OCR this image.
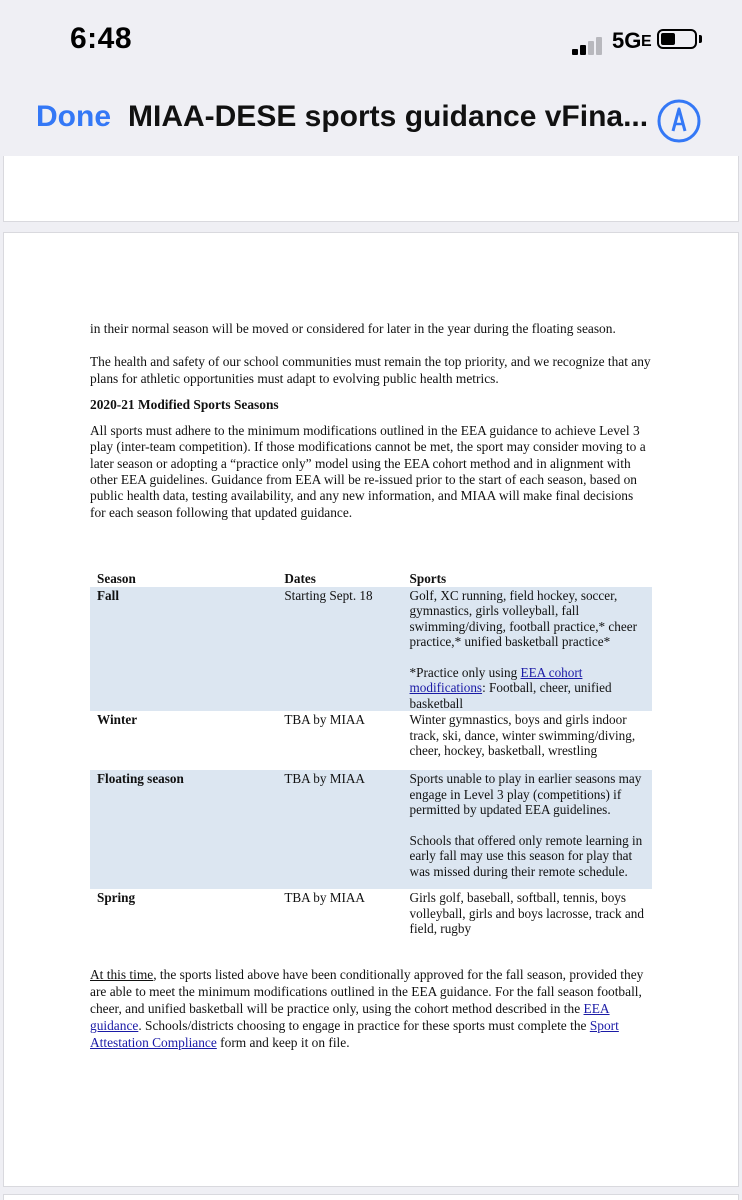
6:48	5G E
Done MIAA-DESE sports guidance vFina...

in their normal season will be moved or considered for later in the year during the floating season.

The health and safety of our school communities must remain the top priority, and we recognize that any plans for athletic opportunities must adapt to evolving public health metrics.

2020-21 Modified Sports Seasons

All sports must adhere to the minimum modifications outlined in the EEA guidance to achieve Level 3 play (inter-team competition). If those modifications cannot be met, the sport may consider moving to a later season or adopting a “practice only” model using the EEA cohort method and in alignment with other EEA guidelines. Guidance from EEA will be re-issued prior to the start of each season, based on public health data, testing availability, and any new information, and MIAA will make final decisions for each season following that updated guidance.

Season	Dates	Sports
Fall	Starting Sept. 18	Golf, XC running, field hockey, soccer, gymnastics, girls volleyball, fall swimming/diving, football practice,* cheer practice,* unified basketball practice*
*Practice only using EEA cohort modifications: Football, cheer, unified basketball

Winter	TBA by MIAA	Winter gymnastics, boys and girls indoor track, ski, dance, winter swimming/diving, cheer, hockey, basketball, wrestling
Floating season	TBA by MIAA	Sports unable to play in earlier seasons may engage in Level 3 play (competitions) if permitted by updated EEA guidelines.
Schools that offered only remote learning in early fall may use this season for play that was missed during their remote schedule.

Spring	TBA by MIAA	Girls golf, baseball, softball, tennis, boys volleyball, girls and boys lacrosse, track and field, rugby

At this time, the sports listed above have been conditionally approved for the fall season, provided they are able to meet the minimum modifications outlined in the EEA guidance. For the fall season football, cheer, and unified basketball will be practice only, using the cohort method described in the EEA guidance. Schools/districts choosing to engage in practice for these sports must complete the Sport Attestation Compliance form and keep it on file.
